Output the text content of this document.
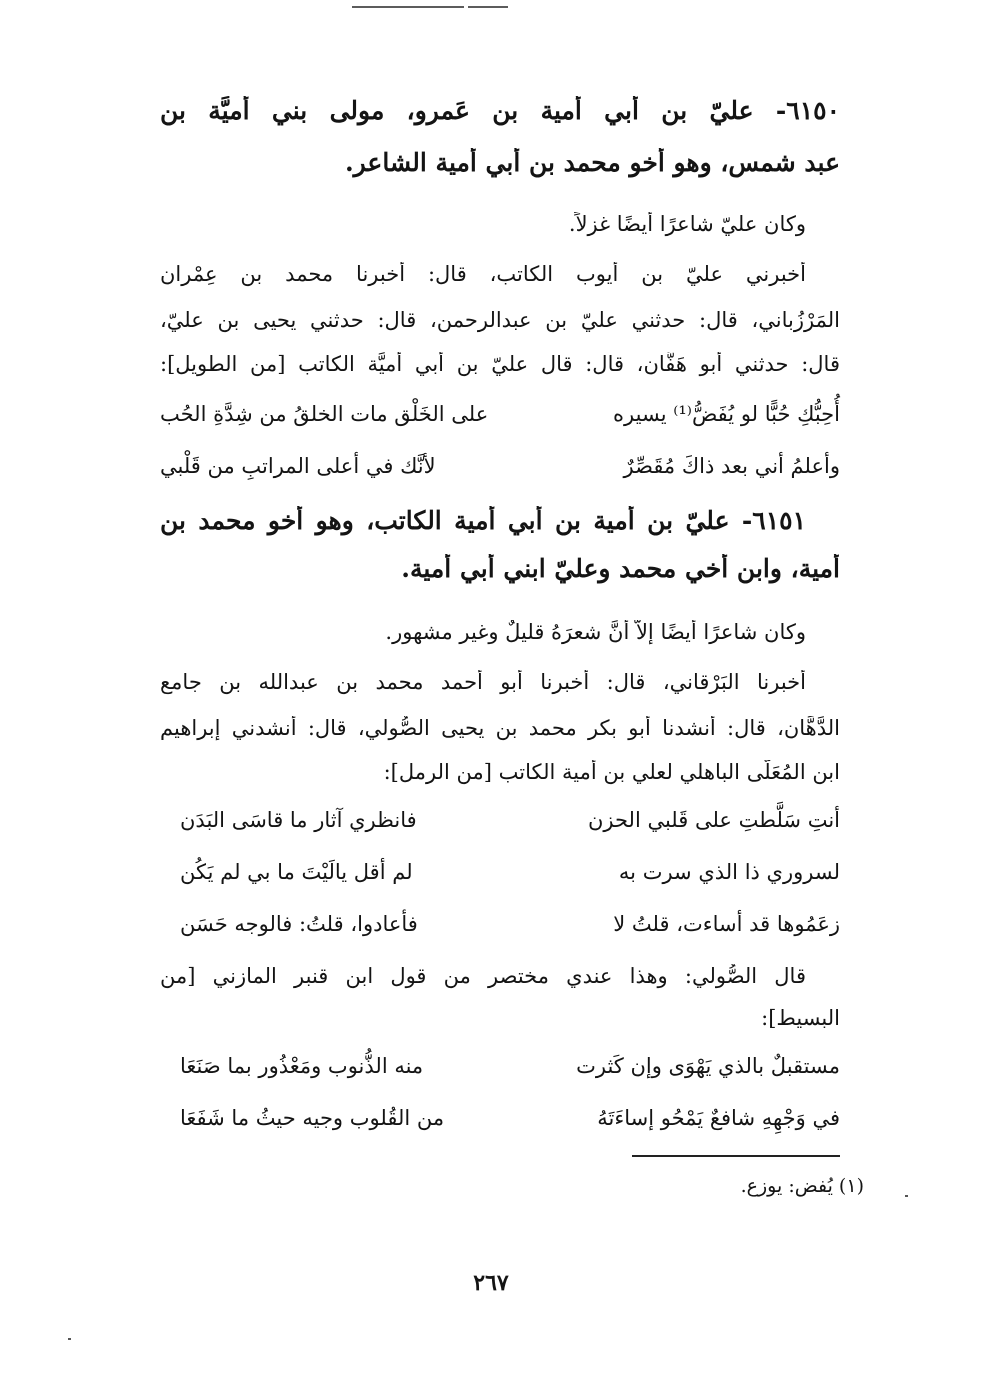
٦١٥٠- عليّ بن أبي أمية بن عَمرو، مولى بني أميَّة بن
عبد شمس، وهو أخو محمد بن أبي أمية الشاعر.
وكان عليّ شاعرًا أيضًا غزلاً.
أخبرني عليّ بن أيوب الكاتب، قال: أخبرنا محمد بن عِمْران
المَرْزُباني، قال: حدثني عليّ بن عبدالرحمن، قال: حدثني يحيى بن عليّ،
قال: حدثني أبو هَفَّان، قال: قال عليّ بن أبي أميَّة الكاتب [من الطويل]:
أُحِبُّكِ حُبًّا لو يُفَضُّ⁽¹⁾ يسيره
على الخَلْق مات الخلقُ من شِدَّةِ الحُب
وأعلمُ أني بعد ذاكَ مُقَصِّرٌ
لأنَّك في أعلى المراتبِ من قَلْبي
٦١٥١- عليّ بن أمية بن أبي أمية الكاتب، وهو أخو محمد بن
أمية، وابن أخي محمد وعليّ ابني أبي أمية.
وكان شاعرًا أيضًا إلاّ أنَّ شعرَهُ قليلٌ وغير مشهور.
أخبرنا البَرْقاني، قال: أخبرنا أبو أحمد محمد بن عبدالله بن جامع
الدَّهَّان، قال: أنشدنا أبو بكر محمد بن يحيى الصُّولي، قال: أنشدني إبراهيم
ابن المُعَلَّى الباهلي لعلي بن أُمية الكاتب [من الرمل]:
أنتِ سَلَّطتِ على قَلبي الحزن
فانظري آثار ما قاسَى البَدَن
لسروري ذا الذي سرت به
لم أقل يالَيْتَ ما بي لم يَكُن
زعَمُوها قد أساءت، قلتُ لا
فأعادوا، قلتُ: فالوجه حَسَن
قال الصُّولي: وهذا عندي مختصر من قول ابن قنبر المازني [من
البسيط]:
مستقبلٌ بالذي يَهْوَى وإن كَثرت
منه الذُّنوب ومَعْذُور بما صَنَعَا
في وَجْهِهِ شافعٌ يَمْحُو إساءَتَهُ
من القُلوب وجيه حيثُ ما شَفَعَا
(١) يُفض: يوزع.
٢٦٧
